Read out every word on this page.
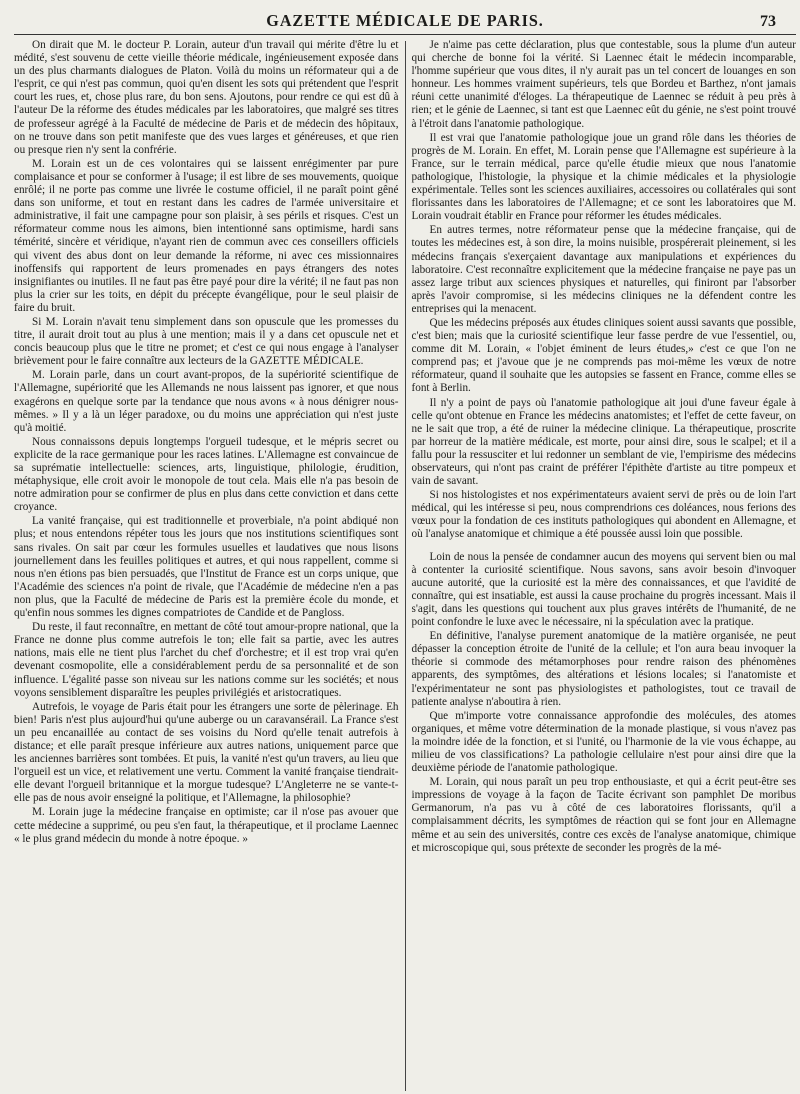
GAZETTE MÉDICALE DE PARIS.	73

On dirait que M. le docteur P. Lorain, auteur d'un travail qui mérite d'être lu et médité, s'est souvenu de cette vieille théorie médicale, ingénieusement exposée dans un des plus charmants dialogues de Platon. Voilà du moins un réformateur qui a de l'esprit, ce qui n'est pas commun, quoi qu'en disent les sots qui prétendent que l'esprit court les rues, et, chose plus rare, du bon sens. Ajoutons, pour rendre ce qui est dû à l'auteur De la réforme des études médicales par les laboratoires, que malgré ses titres de professeur agrégé à la Faculté de médecine de Paris et de médecin des hôpitaux, on ne trouve dans son petit manifeste que des vues larges et généreuses, et que rien ou presque rien n'y sent la confrérie.

M. Lorain est un de ces volontaires qui se laissent enrégimenter par pure complaisance et pour se conformer à l'usage; il est libre de ses mouvements, quoique enrôlé; il ne porte pas comme une livrée le costume officiel, il ne paraît point gêné dans son uniforme, et tout en restant dans les cadres de l'armée universitaire et administrative, il fait une campagne pour son plaisir, à ses périls et risques. C'est un réformateur comme nous les aimons, bien intentionné sans optimisme, hardi sans témérité, sincère et véridique, n'ayant rien de commun avec ces conseillers officiels qui vivent des abus dont on leur demande la réforme, ni avec ces missionnaires inoffensifs qui rapportent de leurs promenades en pays étrangers des notes insignifiantes ou inutiles. Il ne faut pas être payé pour dire la vérité; il ne faut pas non plus la crier sur les toits, en dépit du précepte évangélique, pour le seul plaisir de faire du bruit.

Si M. Lorain n'avait tenu simplement dans son opuscule que les promesses du titre, il aurait droit tout au plus à une mention; mais il y a dans cet opuscule net et concis beaucoup plus que le titre ne promet; et c'est ce qui nous engage à l'analyser brièvement pour le faire connaître aux lecteurs de la GAZETTE MÉDICALE.

M. Lorain parle, dans un court avant-propos, de la supériorité scientifique de l'Allemagne, supériorité que les Allemands ne nous laissent pas ignorer, et que nous exagérons en quelque sorte par la tendance que nous avons « à nous dénigrer nous-mêmes. » Il y a là un léger paradoxe, ou du moins une appréciation qui n'est juste qu'à moitié.

Nous connaissons depuis longtemps l'orgueil tudesque, et le mépris secret ou explicite de la race germanique pour les races latines. L'Allemagne est convaincue de sa suprématie intellectuelle: sciences, arts, linguistique, philologie, érudition, métaphysique, elle croit avoir le monopole de tout cela. Mais elle n'a pas besoin de notre admiration pour se confirmer de plus en plus dans cette conviction et dans cette croyance.

La vanité française, qui est traditionnelle et proverbiale, n'a point abdiqué non plus; et nous entendons répéter tous les jours que nos institutions scientifiques sont sans rivales. On sait par cœur les formules usuelles et laudatives que nous lisons journellement dans les feuilles politiques et autres, et qui nous rappellent, comme si nous n'en étions pas bien persuadés, que l'Institut de France est un corps unique, que l'Académie des sciences n'a point de rivale, que l'Académie de médecine n'en a pas non plus, que la Faculté de médecine de Paris est la première école du monde, et qu'enfin nous sommes les dignes compatriotes de Candide et de Pangloss.

Du reste, il faut reconnaître, en mettant de côté tout amour-propre national, que la France ne donne plus comme autrefois le ton; elle fait sa partie, avec les autres nations, mais elle ne tient plus l'archet du chef d'orchestre; et il est trop vrai qu'en devenant cosmopolite, elle a considérablement perdu de sa personnalité et de son influence. L'égalité passe son niveau sur les nations comme sur les sociétés; et nous voyons sensiblement disparaître les peuples privilégiés et aristocratiques.

Autrefois, le voyage de Paris était pour les étrangers une sorte de pèlerinage. Eh bien! Paris n'est plus aujourd'hui qu'une auberge ou un caravansérail. La France s'est un peu encanaillée au contact de ses voisins du Nord qu'elle tenait autrefois à distance; et elle paraît presque inférieure aux autres nations, uniquement parce que les anciennes barrières sont tombées. Et puis, la vanité n'est qu'un travers, au lieu que l'orgueil est un vice, et relativement une vertu. Comment la vanité française tiendrait-elle devant l'orgueil britannique et la morgue tudesque? L'Angleterre ne se vante-t-elle pas de nous avoir enseigné la politique, et l'Allemagne, la philosophie?

M. Lorain juge la médecine française en optimiste; car il n'ose pas avouer que cette médecine a supprimé, ou peu s'en faut, la thérapeutique, et il proclame Laennec « le plus grand médecin du monde à notre époque. »

Je n'aime pas cette déclaration, plus que contestable, sous la plume d'un auteur qui cherche de bonne foi la vérité. Si Laennec était le médecin incomparable, l'homme supérieur que vous dites, il n'y aurait pas un tel concert de louanges en son honneur. Les hommes vraiment supérieurs, tels que Bordeu et Barthez, n'ont jamais réuni cette unanimité d'éloges. La thérapeutique de Laennec se réduit à peu près à rien; et le génie de Laennec, si tant est que Laennec eût du génie, ne s'est point trouvé à l'étroit dans l'anatomie pathologique.

Il est vrai que l'anatomie pathologique joue un grand rôle dans les théories de progrès de M. Lorain. En effet, M. Lorain pense que l'Allemagne est supérieure à la France, sur le terrain médical, parce qu'elle étudie mieux que nous l'anatomie pathologique, l'histologie, la physique et la chimie médicales et la physiologie expérimentale. Telles sont les sciences auxiliaires, accessoires ou collatérales qui sont florissantes dans les laboratoires de l'Allemagne; et ce sont les laboratoires que M. Lorain voudrait établir en France pour réformer les études médicales.

En autres termes, notre réformateur pense que la médecine française, qui de toutes les médecines est, à son dire, la moins nuisible, prospérerait pleinement, si les médecins français s'exerçaient davantage aux manipulations et expériences du laboratoire. C'est reconnaître explicitement que la médecine française ne paye pas un assez large tribut aux sciences physiques et naturelles, qui finiront par l'absorber après l'avoir compromise, si les médecins cliniques ne la défendent contre les entreprises qui la menacent.

Que les médecins préposés aux études cliniques soient aussi savants que possible, c'est bien; mais que la curiosité scientifique leur fasse perdre de vue l'essentiel, ou, comme dit M. Lorain, « l'objet éminent de leurs études,» c'est ce que l'on ne comprend pas; et j'avoue que je ne comprends pas moi-même les vœux de notre réformateur, quand il souhaite que les autopsies se fassent en France, comme elles se font à Berlin.

Il n'y a point de pays où l'anatomie pathologique ait joui d'une faveur égale à celle qu'ont obtenue en France les médecins anatomistes; et l'effet de cette faveur, on ne le sait que trop, a été de ruiner la médecine clinique. La thérapeutique, proscrite par horreur de la matière médicale, est morte, pour ainsi dire, sous le scalpel; et il a fallu pour la ressusciter et lui redonner un semblant de vie, l'empirisme des médecins observateurs, qui n'ont pas craint de préférer l'épithète d'artiste au titre pompeux et vain de savant.

Si nos histologistes et nos expérimentateurs avaient servi de près ou de loin l'art médical, qui les intéresse si peu, nous comprendrions ces doléances, nous ferions des vœux pour la fondation de ces instituts pathologiques qui abondent en Allemagne, et où l'analyse anatomique et chimique a été poussée aussi loin que possible.

Loin de nous la pensée de condamner aucun des moyens qui servent bien ou mal à contenter la curiosité scientifique. Nous savons, sans avoir besoin d'invoquer aucune autorité, que la curiosité est la mère des connaissances, et que l'avidité de connaître, qui est insatiable, est aussi la cause prochaine du progrès incessant. Mais il s'agit, dans les questions qui touchent aux plus graves intérêts de l'humanité, de ne point confondre le luxe avec le nécessaire, ni la spéculation avec la pratique.

En définitive, l'analyse purement anatomique de la matière organisée, ne peut dépasser la conception étroite de l'unité de la cellule; et l'on aura beau invoquer la théorie si commode des métamorphoses pour rendre raison des phénomènes apparents, des symptômes, des altérations et lésions locales; si l'anatomiste et l'expérimentateur ne sont pas physiologistes et pathologistes, tout ce travail de patiente analyse n'aboutira à rien.

Que m'importe votre connaissance approfondie des molécules, des atomes organiques, et même votre détermination de la monade plastique, si vous n'avez pas la moindre idée de la fonction, et si l'unité, ou l'harmonie de la vie vous échappe, au milieu de vos classifications? La pathologie cellulaire n'est pour ainsi dire que la deuxième période de l'anatomie pathologique.

M. Lorain, qui nous paraît un peu trop enthousiaste, et qui a écrit peut-être ses impressions de voyage à la façon de Tacite écrivant son pamphlet De moribus Germanorum, n'a pas vu à côté de ces laboratoires florissants, qu'il a complaisamment décrits, les symptômes de réaction qui se font jour en Allemagne même et au sein des universités, contre ces excès de l'analyse anatomique, chimique et microscopique qui, sous prétexte de seconder les progrès de la mé-
